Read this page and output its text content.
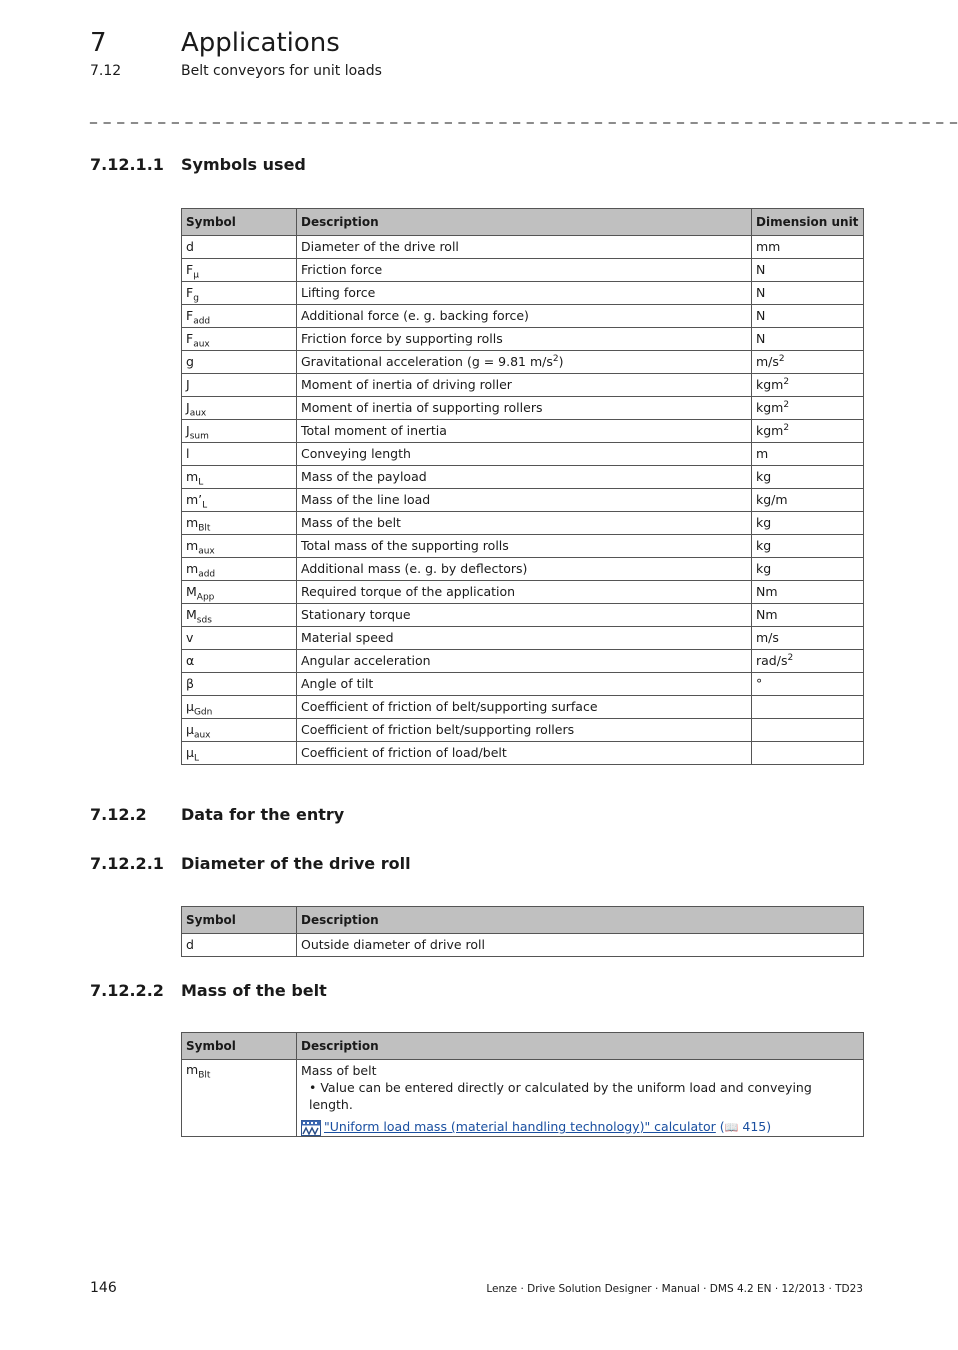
7	Applications
7.12	Belt conveyors for unit loads
_ _ _ _ _ _ _ _ _ _ _ _ _ _ _ _ _ _ _ _ _ _ _ _ _ _ _ _ _ _ _ _ _ _ _ _ _ _ _ _ _ _ _ _ _ _ _ _ _ _ _ _ _ _ _ _ _ _ _ _ _ _ _ _
7.12.1.1 Symbols used
Symbol	Description	Dimension unit
d	Diameter of the drive roll	mm
$F_\mu$	Friction force	N
$F_g$	Lifting force	N
$F_{add}$	Additional force (e. g. backing force)	N
$F_{aux}$	Friction force by supporting rolls	N
g	Gravitational acceleration (g = 9.81 $m/s^2$)	$m/s^2$
J	Moment of inertia of driving roller	kgm$^2$
$J_{aux}$	Moment of inertia of supporting rollers	kgm$^2$
$J_{sum}$	Total moment of inertia	kgm$^2$
l	Conveying length	m
$m_L$	Mass of the payload	kg
$m’_L$	Mass of the line load	kg/m
$m_{Blt}$	Mass of the belt	kg
$m_{aux}$	Total mass of the supporting rolls	kg
$m_{add}$	Additional mass (e. g. by deflectors)	kg
$M_{App}$	Required torque of the application	Nm
$M_{sds}$	Stationary torque	Nm
v	Material speed	m/s
α	Angular acceleration	rad/$s^2$
β	Angle of tilt	°
$\mu_{Gdn}$	Coefficient of friction of belt/supporting surface	
$\mu_{aux}$	Coefficient of friction belt/supporting rollers	
$\mu_L$	Coefficient of friction of load/belt	
7.12.2 Data for the entry
7.12.2.1 Diameter of the drive roll
Symbol	Description
d	Outside diameter of drive roll
7.12.2.2 Mass of the belt
Symbol	Description
$m_{Blt}$	Mass of belt
• Value can be entered directly or calculated by the uniform load and conveying length.
"Uniform load mass (material handling technology)" calculator (📖 415)
146	Lenze · Drive Solution Designer · Manual · DMS 4.2 EN · 12/2013 · TD23
